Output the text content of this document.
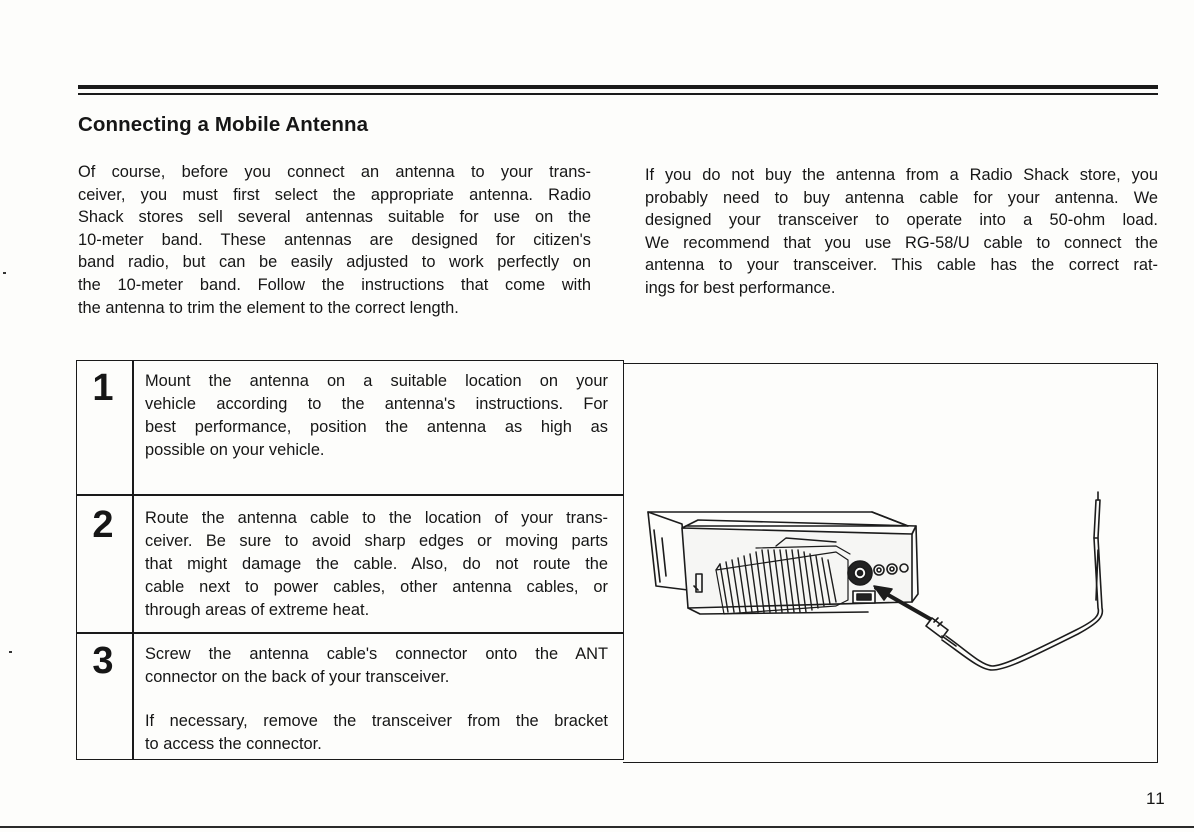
Connecting a Mobile Antenna
Of course, before you connect an antenna to your trans-
ceiver, you must first select the appropriate antenna. Radio
Shack stores sell several antennas suitable for use on the
10-meter band. These antennas are designed for citizen's
band radio, but can be easily adjusted to work perfectly on
the 10-meter band. Follow the instructions that come with
the antenna to trim the element to the correct length.
If you do not buy the antenna from a Radio Shack store, you
probably need to buy antenna cable for your antenna. We
designed your transceiver to operate into a 50-ohm load.
We recommend that you use RG-58/U cable to connect the
antenna to your transceiver. This cable has the correct rat-
ings for best performance.
1 Mount the antenna on a suitable location on your
vehicle according to the antenna's instructions. For
best performance, position the antenna as high as
possible on your vehicle.
2 Route the antenna cable to the location of your trans-
ceiver. Be sure to avoid sharp edges or moving parts
that might damage the cable. Also, do not route the
cable next to power cables, other antenna cables, or
through areas of extreme heat.
3 Screw the antenna cable's connector onto the ANT
connector on the back of your transceiver.
If necessary, remove the transceiver from the bracket
to access the connector.
11
